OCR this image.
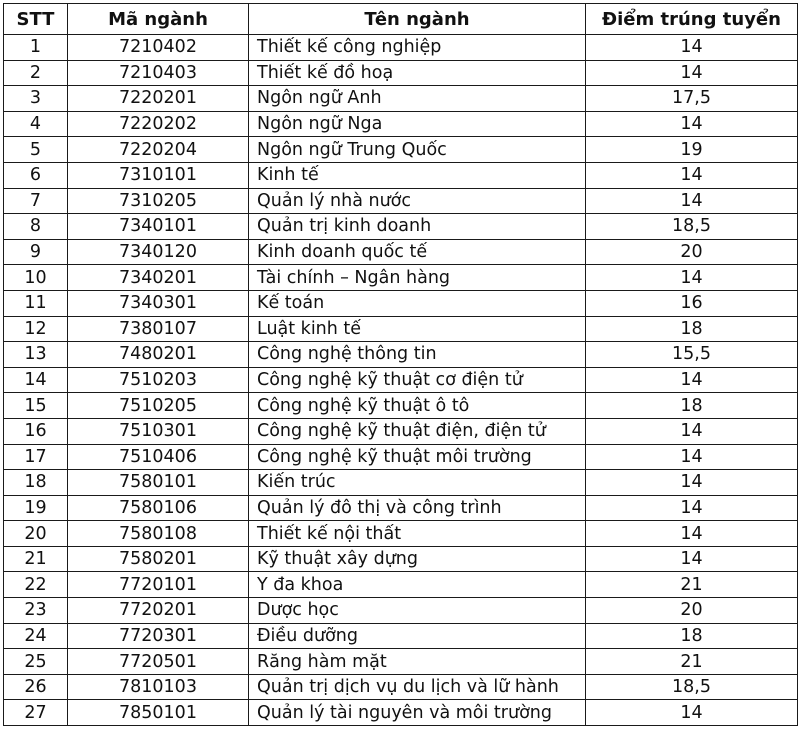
STT	Mã ngành	Tên ngành	Điểm trúng tuyển
1	7210402	Thiết kế công nghiệp	14
2	7210403	Thiết kế đồ hoạ	14
3	7220201	Ngôn ngữ Anh	17,5
4	7220202	Ngôn ngữ Nga	14
5	7220204	Ngôn ngữ Trung Quốc	19
6	7310101	Kinh tế	14
7	7310205	Quản lý nhà nước	14
8	7340101	Quản trị kinh doanh	18,5
9	7340120	Kinh doanh quốc tế	20
10	7340201	Tài chính – Ngân hàng	14
11	7340301	Kế toán	16
12	7380107	Luật kinh tế	18
13	7480201	Công nghệ thông tin	15,5
14	7510203	Công nghệ kỹ thuật cơ điện tử	14
15	7510205	Công nghệ kỹ thuật ô tô	18
16	7510301	Công nghệ kỹ thuật điện, điện tử	14
17	7510406	Công nghệ kỹ thuật môi trường	14
18	7580101	Kiến trúc	14
19	7580106	Quản lý đô thị và công trình	14
20	7580108	Thiết kế nội thất	14
21	7580201	Kỹ thuật xây dựng	14
22	7720101	Y đa khoa	21
23	7720201	Dược học	20
24	7720301	Điều dưỡng	18
25	7720501	Răng hàm mặt	21
26	7810103	Quản trị dịch vụ du lịch và lữ hành	18,5
27	7850101	Quản lý tài nguyên và môi trường	14
